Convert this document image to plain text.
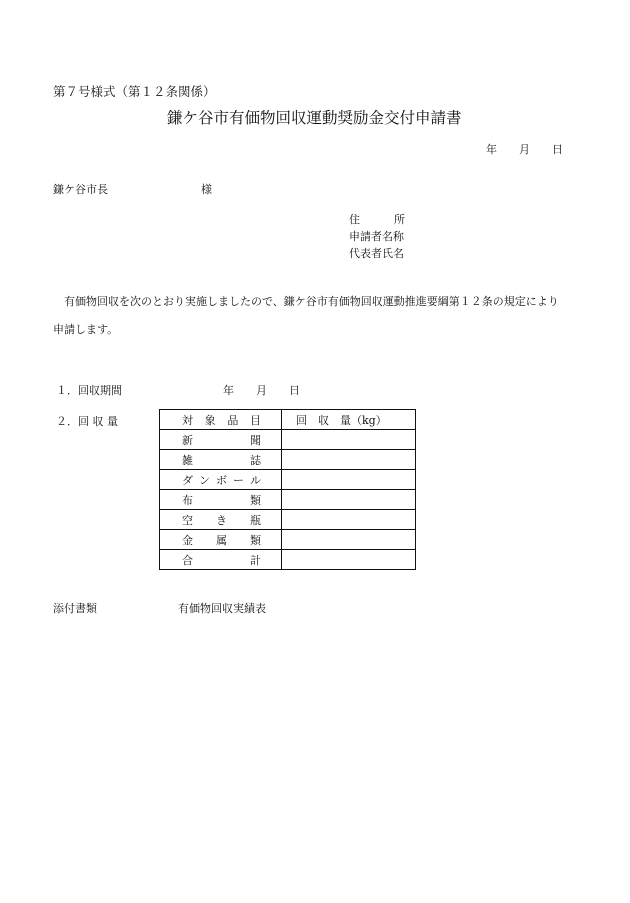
第７号様式（第１２条関係）
鎌ケ谷市有価物回収運動奨励金交付申請書
年 月 日
鎌ケ谷市長	様
住	所
申請者名称
代表者氏名
有価物回収を次のとおり実施しましたので、鎌ケ谷市有価物回収運動推進要綱第１２条の規定により
申請します。
１．回収期間	年 月 日
２．回 収 量	対 象 品 目	回　収　量（kg）

新 聞	

雑 誌	

ダ ン ボ ー ル	

布 類	

空 き 瓶	

金 属 類	

合 計	

添付書類	有価物回収実績表
